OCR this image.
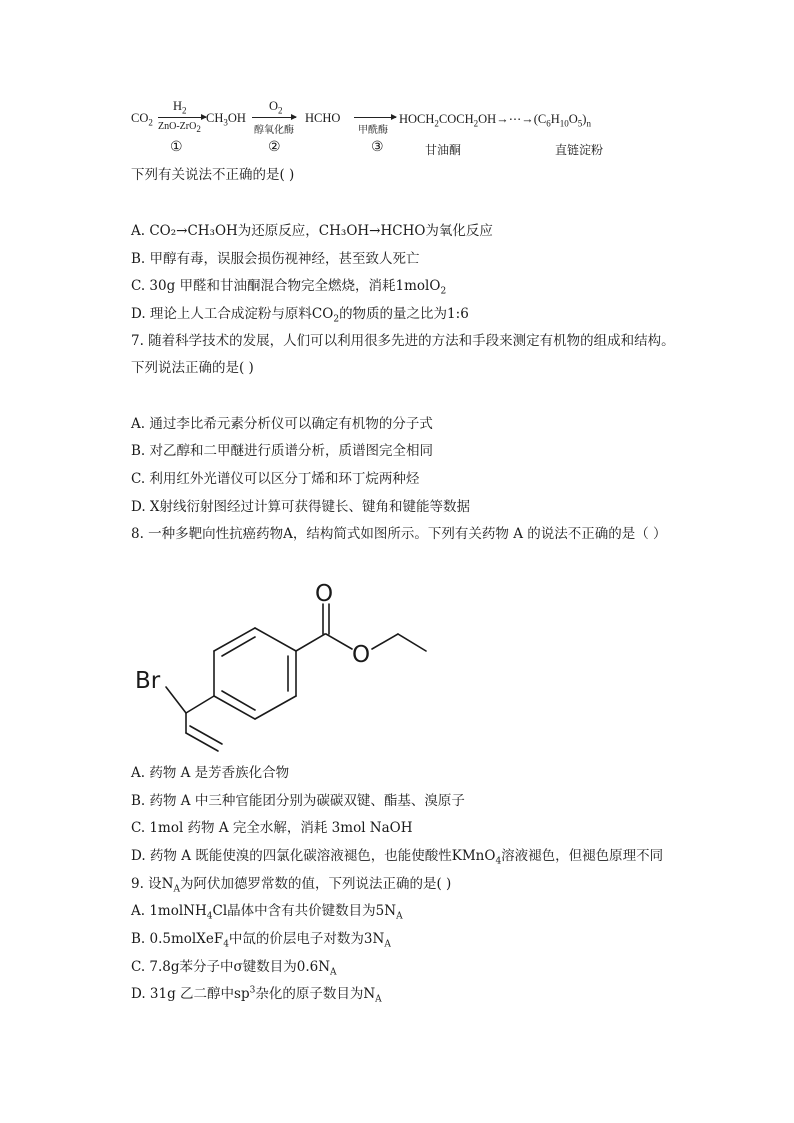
$CO_2$
$H_2$
ZnO-ZrO$_2$
$CH_3OH$
$O_2$
醇氧化酶
HCHO
甲酰酶
$HOCH_2COCH_2OH\to\cdots\to(C_6H_{10}O_5)_n$
①	②	③	甘油酮	直链淀粉
下列有关说法不正确的是( )
A. CO₂→CH₃OH为还原反应，CH₃OH→HCHO为氧化反应
B. 甲醇有毒，误服会损伤视神经，甚至致人死亡
C. 30g 甲醛和甘油酮混合物完全燃烧，消耗1molO$_2$
D. 理论上人工合成淀粉与原料$CO_2$的物质的量之比为1:6
7. 随着科学技术的发展，人们可以利用很多先进的方法和手段来测定有机物的组成和结构。
下列说法正确的是( )
A. 通过李比希元素分析仪可以确定有机物的分子式
B. 对乙醇和二甲醚进行质谱分析，质谱图完全相同
C. 利用红外光谱仪可以区分丁烯和环丁烷两种烃
D. X射线衍射图经过计算可获得键长、键角和键能等数据
8. 一种多靶向性抗癌药物A，结构简式如图所示。下列有关药物 A 的说法不正确的是（ ）
O
O
Br
A. 药物 A 是芳香族化合物
B. 药物 A 中三种官能团分别为碳碳双键、酯基、溴原子
C. 1mol 药物 A 完全水解，消耗 3mol NaOH
D. 药物 A 既能使溴的四氯化碳溶液褪色，也能使酸性KMnO$_4$溶液褪色，但褪色原理不同
9. 设$N_A$为阿伏加德罗常数的值，下列说法正确的是( )
A. 1molNH$_4$Cl晶体中含有共价键数目为$5N_A$
B. 0.5molXeF$_4$中氙的价层电子对数为$3N_A$
C. 7.8g苯分子中σ键数目为$0.6N_A$
D. 31g 乙二醇中$sp^3$杂化的原子数目为$N_A$
